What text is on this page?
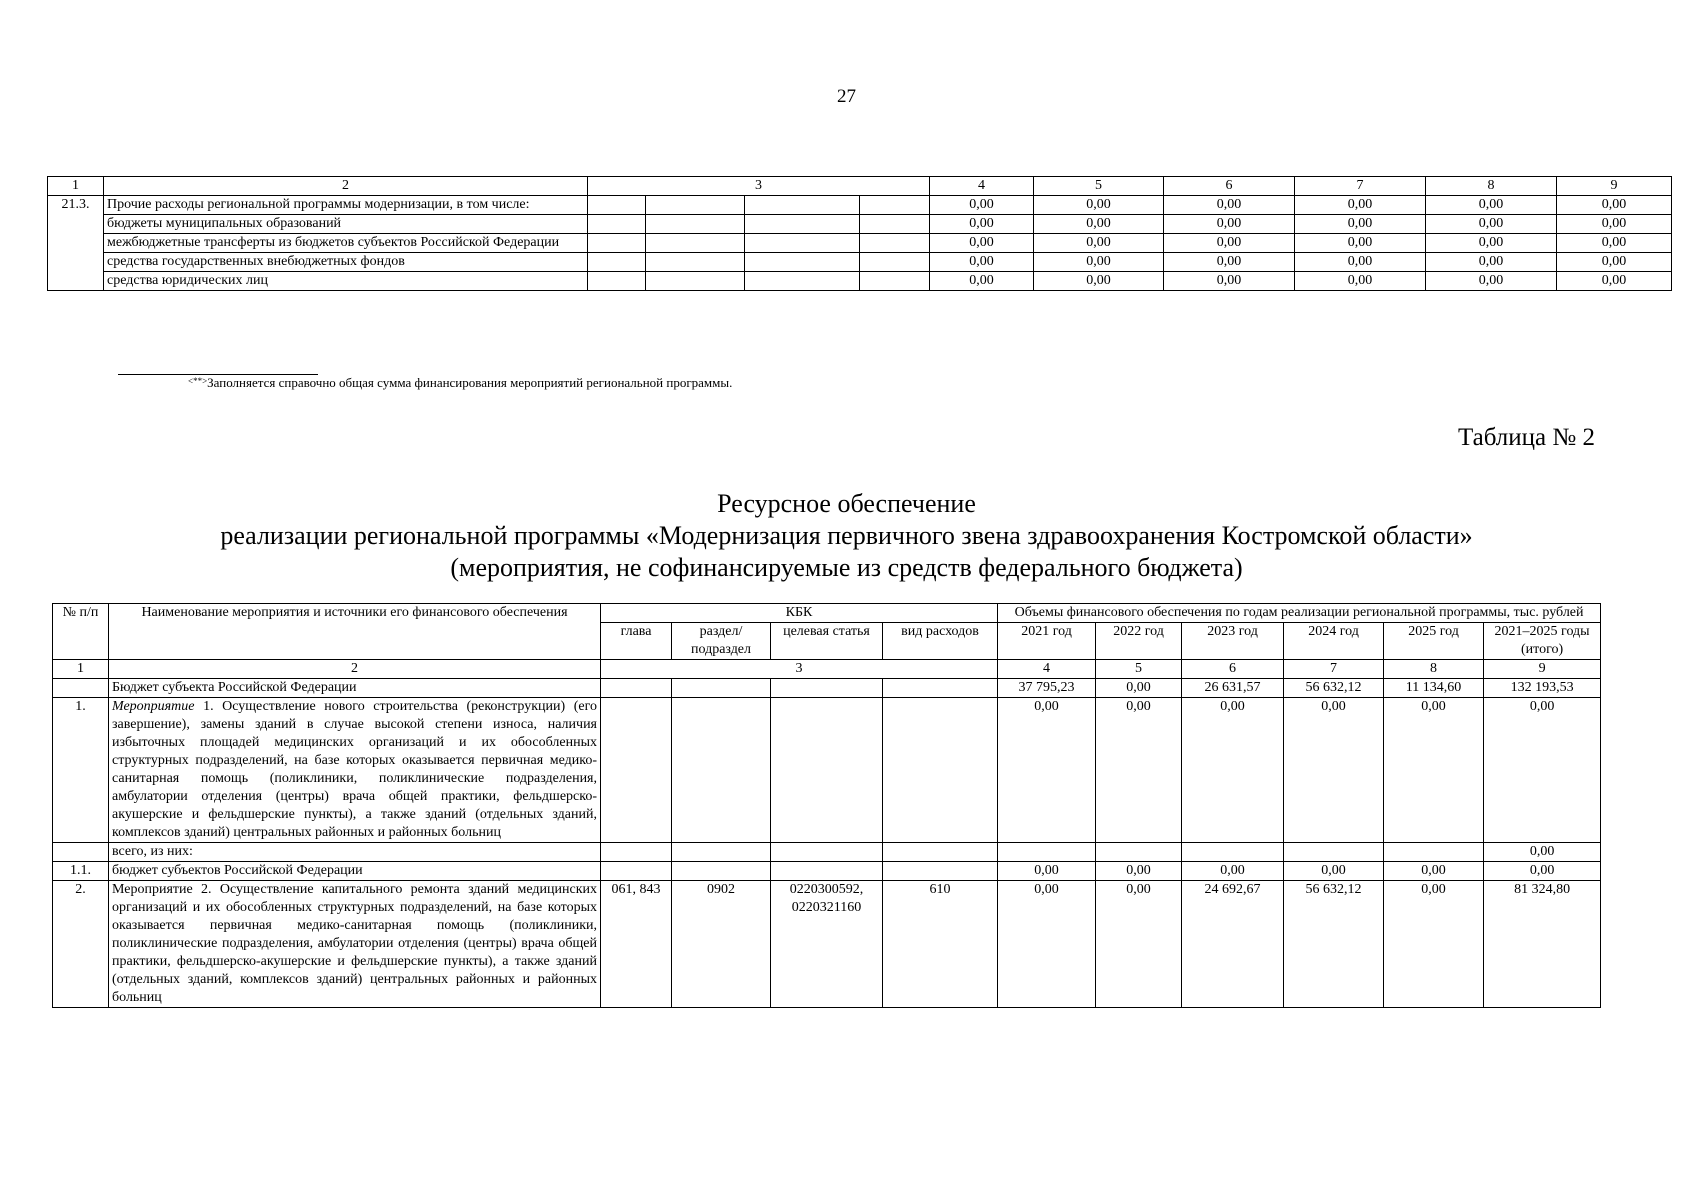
27
1	2	3				4	5	6	7	8	9
21.3.	Прочие расходы региональной программы модернизации, в том числе:					0,00	0,00	0,00	0,00	0,00	0,00
	бюджеты муниципальных образований					0,00	0,00	0,00	0,00	0,00	0,00
	межбюджетные трансферты из бюджетов субъектов Российской Федерации					0,00	0,00	0,00	0,00	0,00	0,00
	средства государственных внебюджетных фондов					0,00	0,00	0,00	0,00	0,00	0,00
	средства юридических лиц					0,00	0,00	0,00	0,00	0,00	0,00
<**>Заполняется справочно общая сумма финансирования мероприятий региональной программы.
Таблица № 2
Ресурсное обеспечение
реализации региональной программы «Модернизация первичного звена здравоохранения Костромской области»
(мероприятия, не софинансируемые из средств федерального бюджета)
№ п/п	Наименование мероприятия и источники его финансового обеспечения	КБК				Объемы финансового обеспечения по годам реализации региональной программы, тыс. рублей					
		глава	раздел/ подраздел	целевая статья	вид расходов	2021 год	2022 год	2023 год	2024 год	2025 год	2021–2025 годы (итого)
1	2	3				4	5	6	7	8	9
	Бюджет субъекта Российской Федерации					37 795,23	0,00	26 631,57	56 632,12	11 134,60	132 193,53
1.	Мероприятие 1. Осуществление нового строительства (реконструкции) (его завершение), замены зданий в случае высокой степени износа, наличия избыточных площадей медицинских организаций и их обособленных структурных подразделений, на базе которых оказывается первичная медико-санитарная помощь (поликлиники, поликлинические подразделения, амбулатории отделения (центры) врача общей практики, фельдшерско-акушерские и фельдшерские пункты), а также зданий (отдельных зданий, комплексов зданий) центральных районных и районных больниц					0,00	0,00	0,00	0,00	0,00	0,00
	всего, из них:										0,00
1.1.	бюджет субъектов Российской Федерации					0,00	0,00	0,00	0,00	0,00	0,00
2.	Мероприятие 2. Осуществление капитального ремонта зданий медицинских организаций и их обособленных структурных подразделений, на базе которых оказывается первичная медико-санитарная помощь (поликлиники, поликлинические подразделения, амбулатории отделения (центры) врача общей практики, фельдшерско-акушерские и фельдшерские пункты), а также зданий (отдельных зданий, комплексов зданий) центральных районных и районных больниц	061, 843	0902	0220300592, 0220321160	610	0,00	0,00	24 692,67	56 632,12	0,00	81 324,80
